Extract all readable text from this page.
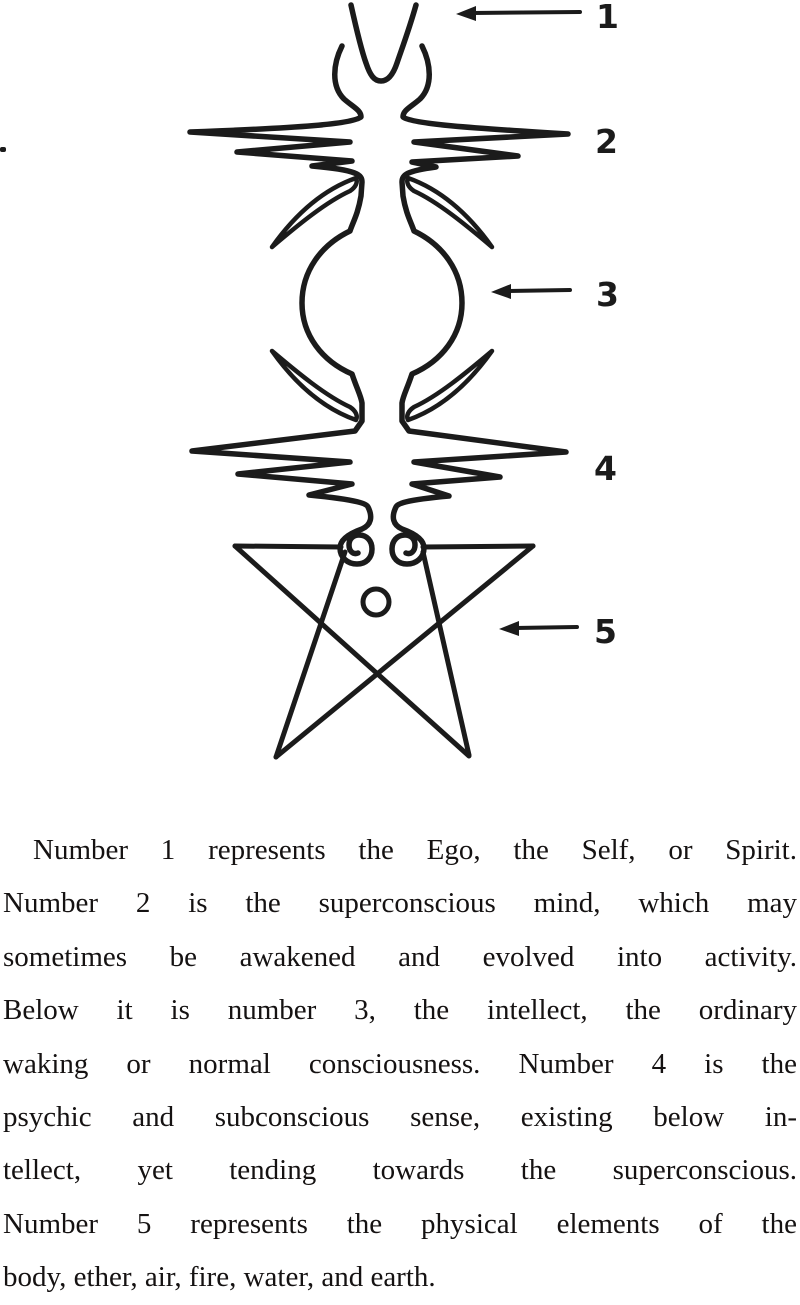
1
2
3
4
5
Number 1 represents the Ego, the Self, or Spirit.
Number 2 is the superconscious mind, which may
sometimes be awakened and evolved into activity.
Below it is number 3, the intellect, the ordinary
waking or normal consciousness. Number 4 is the
psychic and subconscious sense, existing below in-
tellect, yet tending towards the superconscious.
Number 5 represents the physical elements of the
body, ether, air, fire, water, and earth.
